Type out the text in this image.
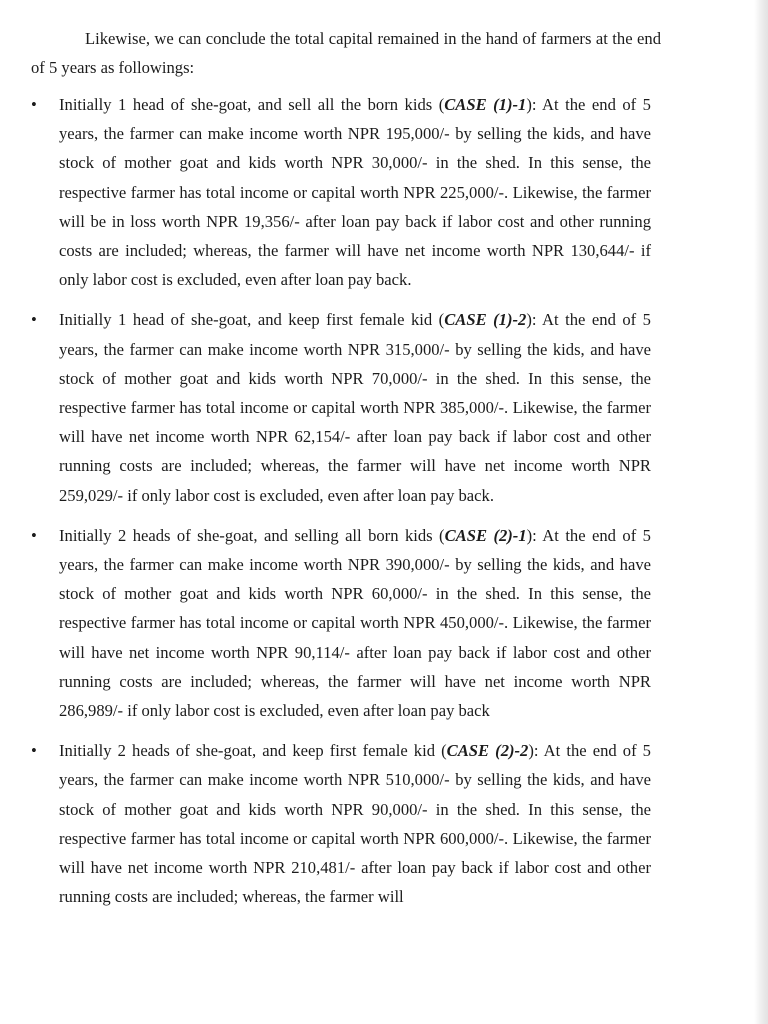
Likewise, we can conclude the total capital remained in the hand of farmers at the end of 5 years as followings:

• Initially 1 head of she-goat, and sell all the born kids (CASE (1)-1): At the end of 5 years, the farmer can make income worth NPR 195,000/- by selling the kids, and have stock of mother goat and kids worth NPR 30,000/- in the shed. In this sense, the respective farmer has total income or capital worth NPR 225,000/-. Likewise, the farmer will be in loss worth NPR 19,356/- after loan pay back if labor cost and other running costs are included; whereas, the farmer will have net income worth NPR 130,644/- if only labor cost is excluded, even after loan pay back.
• Initially 1 head of she-goat, and keep first female kid (CASE (1)-2): At the end of 5 years, the farmer can make income worth NPR 315,000/- by selling the kids, and have stock of mother goat and kids worth NPR 70,000/- in the shed. In this sense, the respective farmer has total income or capital worth NPR 385,000/-. Likewise, the farmer will have net income worth NPR 62,154/- after loan pay back if labor cost and other running costs are included; whereas, the farmer will have net income worth NPR 259,029/- if only labor cost is excluded, even after loan pay back.
• Initially 2 heads of she-goat, and selling all born kids (CASE (2)-1): At the end of 5 years, the farmer can make income worth NPR 390,000/- by selling the kids, and have stock of mother goat and kids worth NPR 60,000/- in the shed. In this sense, the respective farmer has total income or capital worth NPR 450,000/-. Likewise, the farmer will have net income worth NPR 90,114/- after loan pay back if labor cost and other running costs are included; whereas, the farmer will have net income worth NPR 286,989/- if only labor cost is excluded, even after loan pay back
• Initially 2 heads of she-goat, and keep first female kid (CASE (2)-2): At the end of 5 years, the farmer can make income worth NPR 510,000/- by selling the kids, and have stock of mother goat and kids worth NPR 90,000/- in the shed. In this sense, the respective farmer has total income or capital worth NPR 600,000/-. Likewise, the farmer will have net income worth NPR 210,481/- after loan pay back if labor cost and other running costs are included; whereas, the farmer will
